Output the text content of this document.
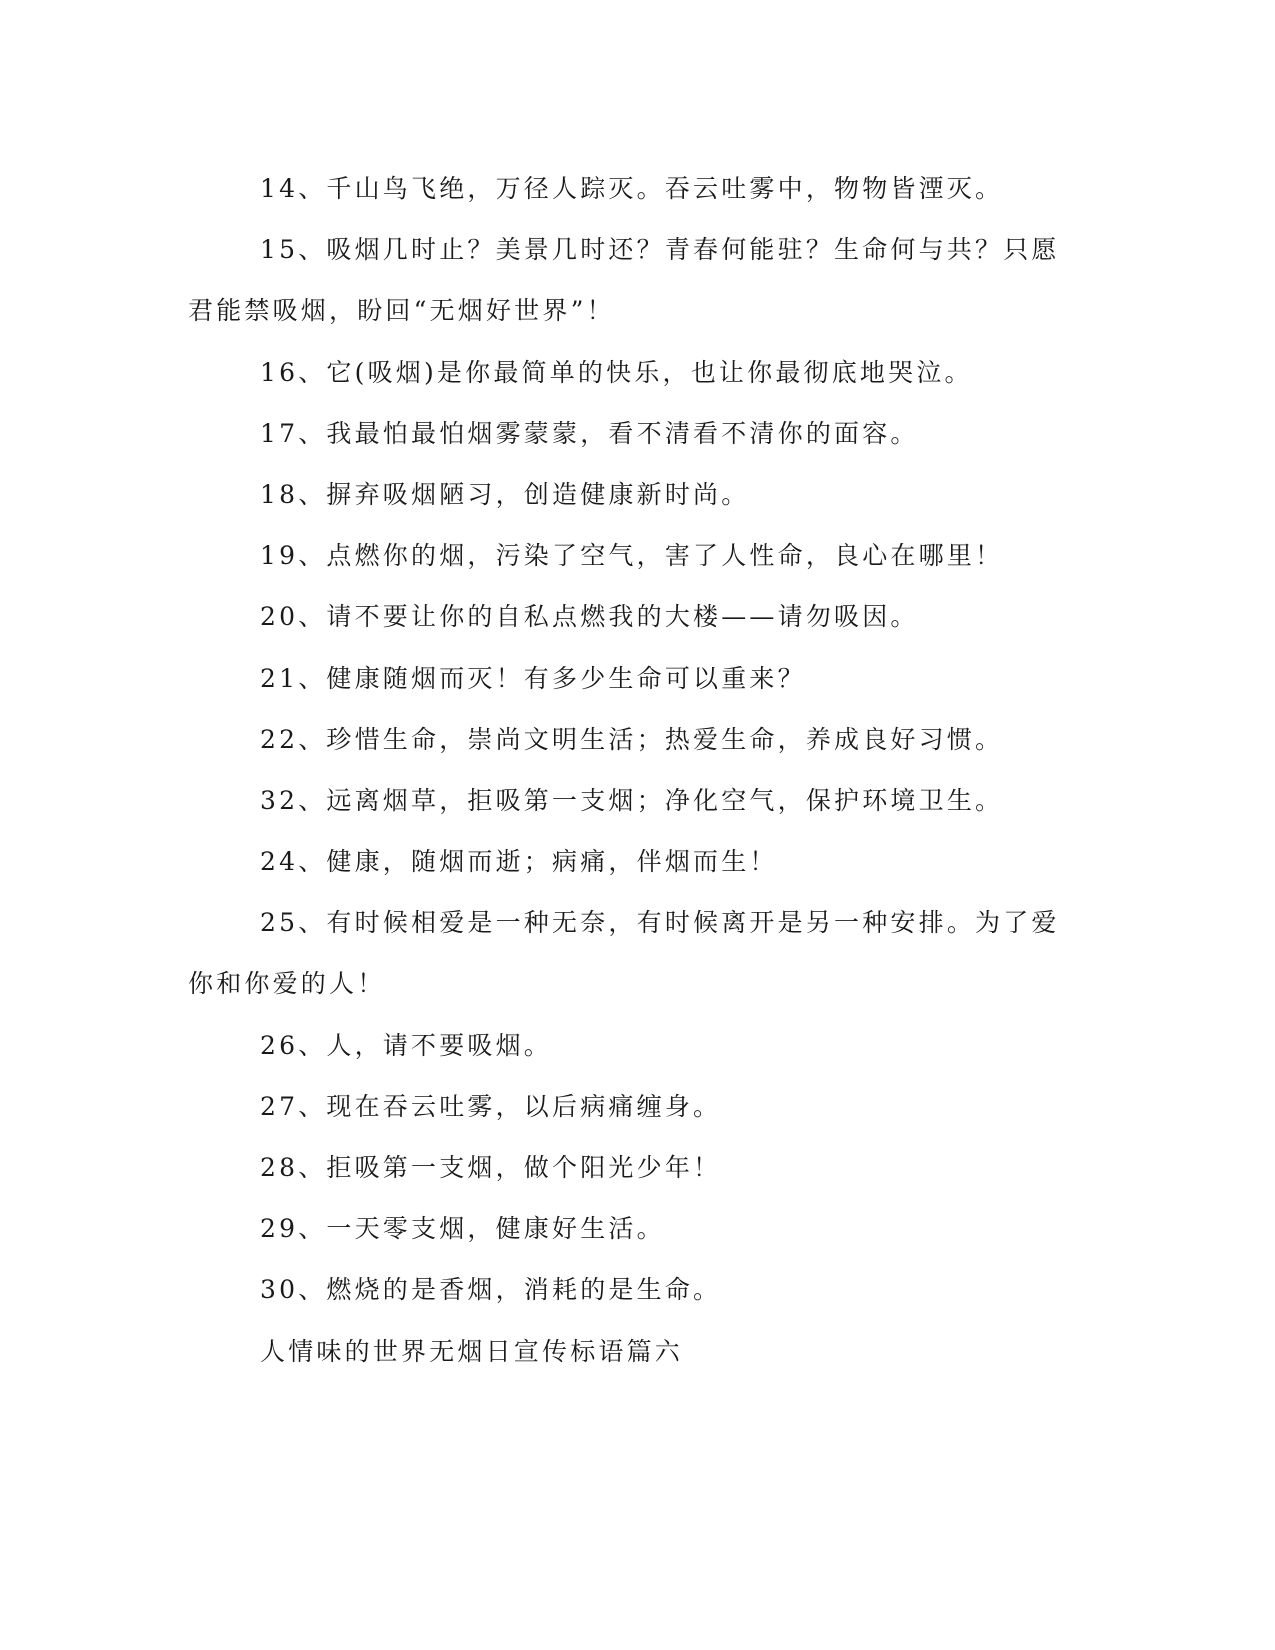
14、千山鸟飞绝，万径人踪灭。吞云吐雾中，物物皆湮灭。
15、吸烟几时止？美景几时还？青春何能驻？生命何与共？只愿
君能禁吸烟，盼回“无烟好世界”！
16、它(吸烟)是你最简单的快乐，也让你最彻底地哭泣。
17、我最怕最怕烟雾蒙蒙，看不清看不清你的面容。
18、摒弃吸烟陋习，创造健康新时尚。
19、点燃你的烟，污染了空气，害了人性命，良心在哪里！
20、请不要让你的自私点燃我的大楼——请勿吸因。
21、健康随烟而灭！有多少生命可以重来？
22、珍惜生命，崇尚文明生活；热爱生命，养成良好习惯。
32、远离烟草，拒吸第一支烟；净化空气，保护环境卫生。
24、健康，随烟而逝；病痛，伴烟而生！
25、有时候相爱是一种无奈，有时候离开是另一种安排。为了爱
你和你爱的人！
26、人，请不要吸烟。
27、现在吞云吐雾，以后病痛缠身。
28、拒吸第一支烟，做个阳光少年！
29、一天零支烟，健康好生活。
30、燃烧的是香烟，消耗的是生命。
人情味的世界无烟日宣传标语篇六
